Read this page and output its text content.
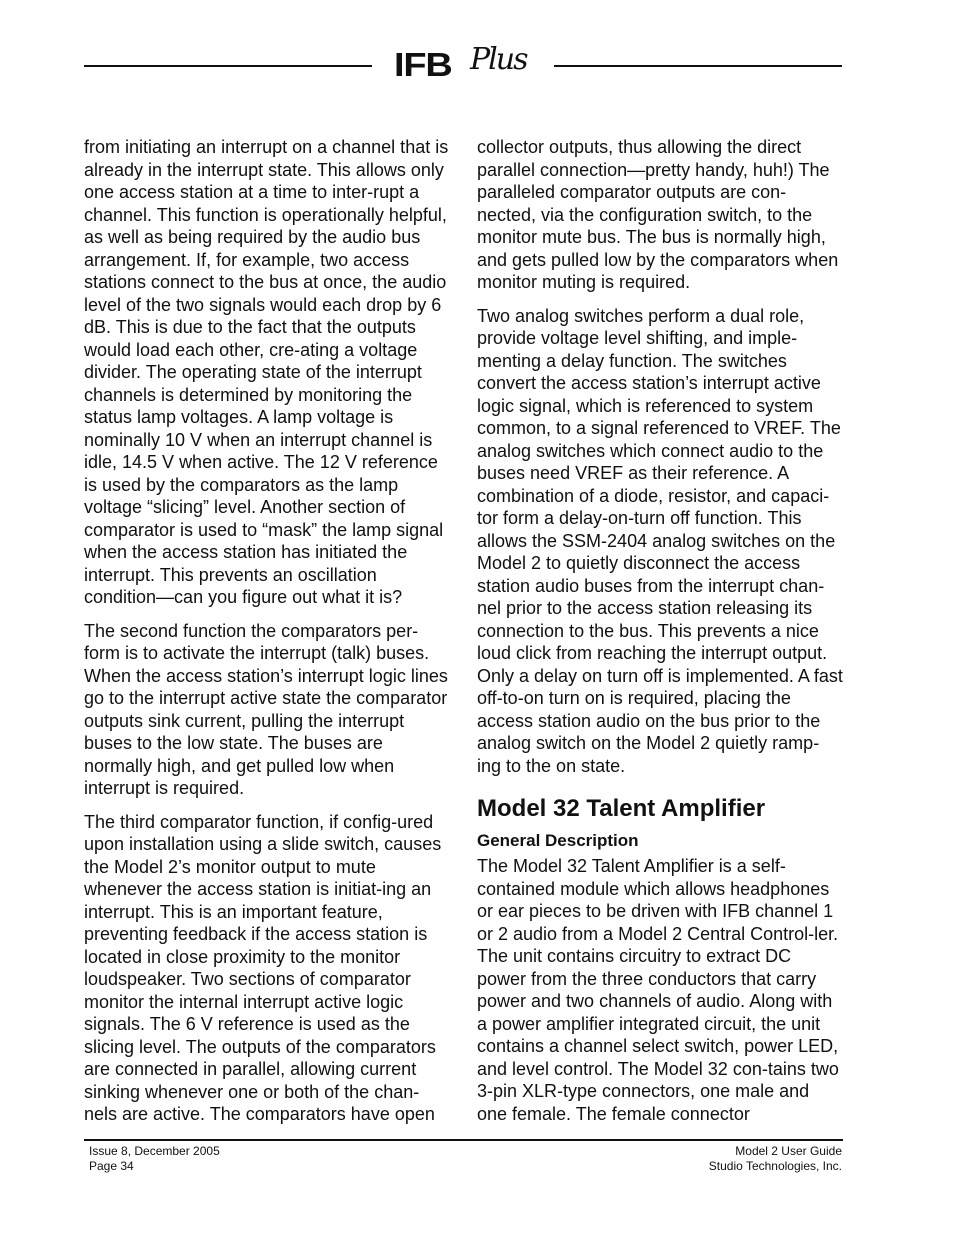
IFB Plus

from initiating an interrupt on a channel that is already in the interrupt state. This allows only one access station at a time to inter-rupt a channel. This function is operationally helpful, as well as being required by the audio bus arrangement. If, for example, two access stations connect to the bus at once, the audio level of the two signals would each drop by 6 dB. This is due to the fact that the outputs would load each other, cre-ating a voltage divider. The operating state of the interrupt channels is determined by monitoring the status lamp voltages. A lamp voltage is nominally 10 V when an interrupt channel is idle, 14.5 V when active. The 12 V reference is used by the comparators as the lamp voltage “slicing” level. Another section of comparator is used to “mask” the lamp signal when the access station has initiated the interrupt. This prevents an oscillation condition—can you figure out what it is?

The second function the comparators per-form is to activate the interrupt (talk) buses. When the access station’s interrupt logic lines go to the interrupt active state the comparator outputs sink current, pulling the interrupt buses to the low state. The buses are normally high, and get pulled low when interrupt is required.

The third comparator function, if config-ured upon installation using a slide switch, causes the Model 2’s monitor output to mute whenever the access station is initiat-ing an interrupt. This is an important feature, preventing feedback if the access station is located in close proximity to the monitor loudspeaker. Two sections of comparator monitor the internal interrupt active logic signals. The 6 V reference is used as the slicing level. The outputs of the comparators are connected in parallel, allowing current sinking whenever one or both of the chan-nels are active. The comparators have open

collector outputs, thus allowing the direct parallel connection—pretty handy, huh!) The paralleled comparator outputs are con-nected, via the configuration switch, to the monitor mute bus. The bus is normally high, and gets pulled low by the comparators when monitor muting is required.

Two analog switches perform a dual role, provide voltage level shifting, and imple-menting a delay function. The switches convert the access station’s interrupt active logic signal, which is referenced to system common, to a signal referenced to VREF. The analog switches which connect audio to the buses need VREF as their reference. A combination of a diode, resistor, and capaci-tor form a delay-on-turn off function. This allows the SSM-2404 analog switches on the Model 2 to quietly disconnect the access station audio buses from the interrupt chan-nel prior to the access station releasing its connection to the bus. This prevents a nice loud click from reaching the interrupt output. Only a delay on turn off is implemented. A fast off-to-on turn on is required, placing the access station audio on the bus prior to the analog switch on the Model 2 quietly ramp-ing to the on state.

Model 32 Talent Amplifier
General Description

The Model 32 Talent Amplifier is a self-contained module which allows headphones or ear pieces to be driven with IFB channel 1 or 2 audio from a Model 2 Central Control-ler. The unit contains circuitry to extract DC power from the three conductors that carry power and two channels of audio. Along with a power amplifier integrated circuit, the unit contains a channel select switch, power LED, and level control. The Model 32 con-tains two 3-pin XLR-type connectors, one male and one female. The female connector

Issue 8, December 2005
Page 34
Model 2 User Guide
Studio Technologies, Inc.
